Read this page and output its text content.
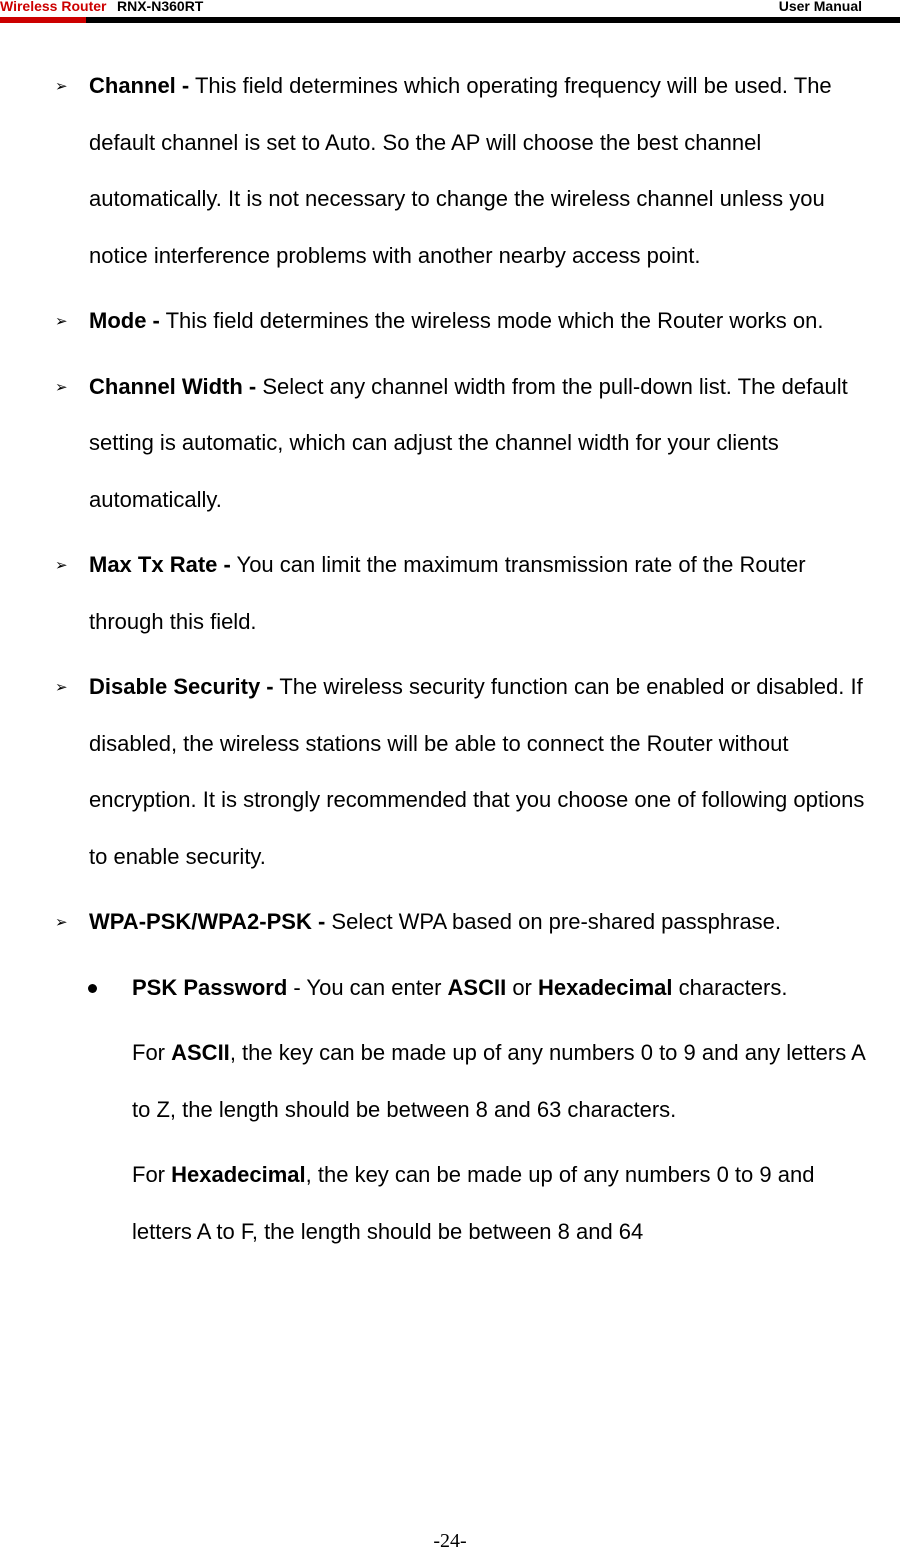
Wireless Router RNX-N360RT	User Manual
➢ Channel - This field determines which operating frequency will be used. The default channel is set to Auto. So the AP will choose the best channel automatically. It is not necessary to change the wireless channel unless you notice interference problems with another nearby access point.

➢ Mode - This field determines the wireless mode which the Router works on.

➢ Channel Width - Select any channel width from the pull-down list. The default setting is automatic, which can adjust the channel width for your clients automatically.

➢ Max Tx Rate - You can limit the maximum transmission rate of the Router through this field.

➢ Disable Security - The wireless security function can be enabled or disabled. If disabled, the wireless stations will be able to connect the Router without encryption. It is strongly recommended that you choose one of following options to enable security.

➢ WPA-PSK/WPA2-PSK - Select WPA based on pre-shared passphrase.

PSK Password - You can enter ASCII or Hexadecimal characters.

For ASCII, the key can be made up of any numbers 0 to 9 and any letters A to Z, the length should be between 8 and 63 characters.

For Hexadecimal, the key can be made up of any numbers 0 to 9 and letters A to F, the length should be between 8 and 64

-24-
